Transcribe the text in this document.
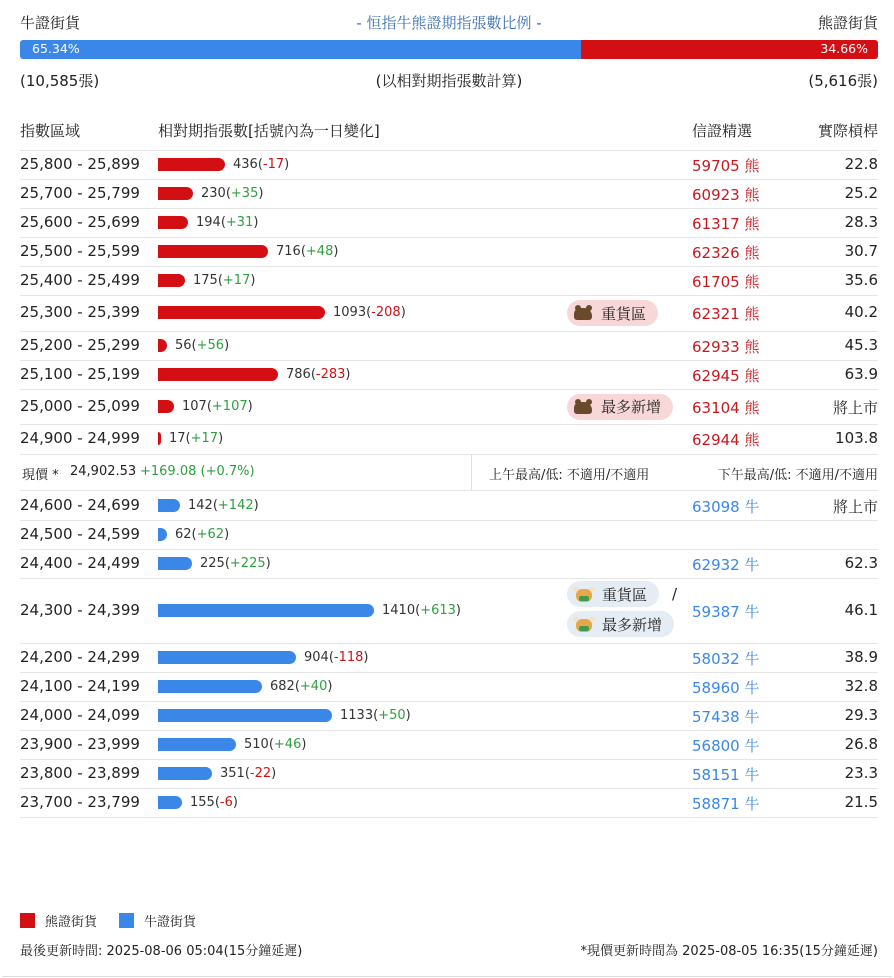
牛證街貨	- 恒指牛熊證期指張數比例 -	熊證街貨
65.34%	34.66%
(10,585張)	(以相對期指張數計算)	(5,616張)
指數區域	相對期指張數[括號內為一日變化]	信證精選	實際槓桿
25,800 - 25,899	436(-17)	59705 熊	22.8
25,700 - 25,799	230(+35)	60923 熊	25.2
25,600 - 25,699	194(+31)	61317 熊	28.3
25,500 - 25,599	716(+48)	62326 熊	30.7
25,400 - 25,499	175(+17)	61705 熊	35.6
25,300 - 25,399	1093(-208)	62321 熊	40.2
重貨區
25,200 - 25,299	56(+56)	62933 熊	45.3
25,100 - 25,199	786(-283)	62945 熊	63.9
25,000 - 25,099	107(+107)	63104 熊	將上市
最多新增
24,900 - 24,999 17(+17)	62944 熊	103.8
現價 * 24,902.53 +169.08 (+0.7%)	上午最高/低: 不適用/不適用	下午最高/低: 不適用/不適用
24,600 - 24,699	142(+142)	63098 牛	將上市
24,500 - 24,599	62(+62)
24,400 - 24,499	225(+225)	62932 牛	62.3
24,300 - 24,399	1410(+613)	59387 牛	46.1
重貨區 /
最多新增
24,200 - 24,299	904(-118)	58032 牛	38.9
24,100 - 24,199	682(+40)	58960 牛	32.8
24,000 - 24,099	1133(+50)	57438 牛	29.3
23,900 - 23,999	510(+46)	56800 牛	26.8
23,800 - 23,899	351(-22)	58151 牛	23.3
23,700 - 23,799	155(-6)	58871 牛	21.5
熊證街貨	牛證街貨
最後更新時間: 2025-08-06 05:04(15分鐘延遲)	*現價更新時間為 2025-08-05 16:35(15分鐘延遲)
